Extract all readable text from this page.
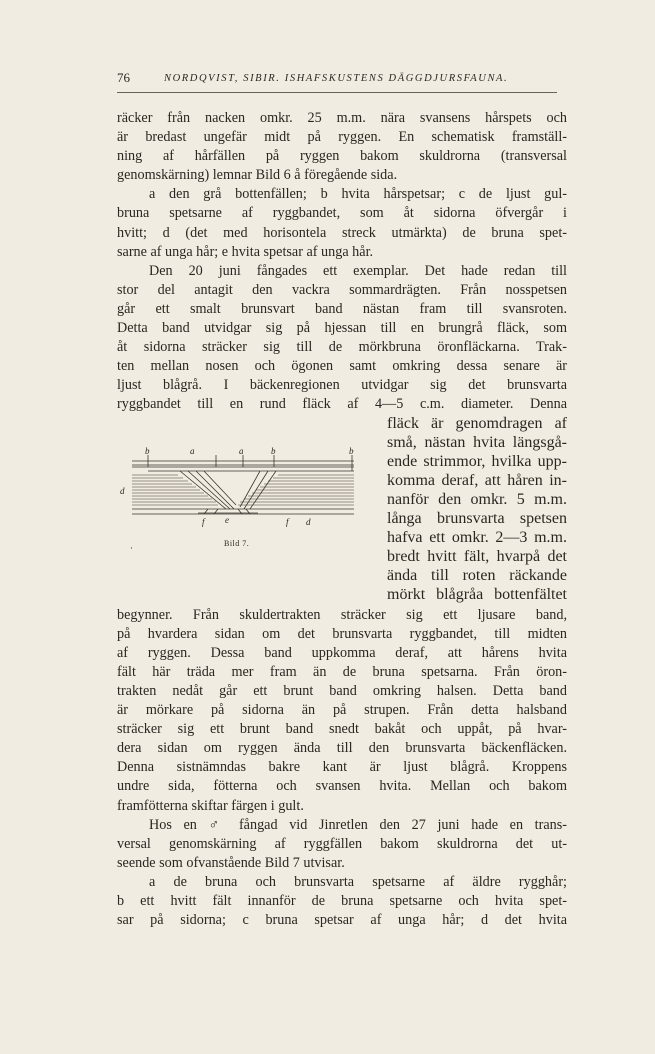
76	NORDQVIST, SIBIR. ISHAFSKUSTENS DÄGGDJURSFAUNA.
räcker från nacken omkr. 25 m.m. nära svansens hårspets och
är bredast ungefär midt på ryggen. En schematisk framställ-
ning af hårfällen på ryggen bakom skuldrorna (transversal
genomskärning) lemnar Bild 6 å föregående sida.
a den grå bottenfällen; b hvita hårspetsar; c de ljust gul-
bruna spetsarne af ryggbandet, som åt sidorna öfvergår i
hvitt; d (det med horisontela streck utmärkta) de bruna spet-
sarne af unga hår; e hvita spetsar af unga hår.
Den 20 juni fångades ett exemplar. Det hade redan till
stor del antagit den vackra sommardrägten. Från nosspetsen
går ett smalt brunsvart band nästan fram till svansroten.
Detta band utvidgar sig på hjessan till en brungrå fläck, som
åt sidorna sträcker sig till de mörkbruna öronfläckarna. Trak-
ten mellan nosen och ögonen samt omkring dessa senare är
ljust blågrå. I bäckenregionen utvidgar sig det brunsvarta
ryggbandet till en rund fläck af 4—5 c.m. diameter. Denna
fläck är genomdragen af
små, nästan hvita längsgå-
ende strimmor, hvilka upp-
komma deraf, att håren in-
nanför den omkr. 5 m.m.
långa brunsvarta spetsen
hafva ett omkr. 2—3 m.m.
bredt hvitt fält, hvarpå det
ända till roten räckande
mörkt blågråa bottenfältet
b	a	a	b	b
d
f e	f d
·	Bild 7.
begynner. Från skuldertrakten sträcker sig ett ljusare band,
på hvardera sidan om det brunsvarta ryggbandet, till midten
af ryggen. Dessa band uppkomma deraf, att hårens hvita
fält här träda mer fram än de bruna spetsarna. Från öron-
trakten nedåt går ett brunt band omkring halsen. Detta band
är mörkare på sidorna än på strupen. Från detta halsband
sträcker sig ett brunt band snedt bakåt och uppåt, på hvar-
dera sidan om ryggen ända till den brunsvarta bäckenfläcken.
Denna sistnämndas bakre kant är ljust blågrå. Kroppens
undre sida, fötterna och svansen hvita. Mellan och bakom
framfötterna skiftar färgen i gult.
Hos en ♂ fångad vid Jinretlen den 27 juni hade en trans-
versal genomskärning af ryggfällen bakom skuldrorna det ut-
seende som ofvanstående Bild 7 utvisar.
a de bruna och brunsvarta spetsarne af äldre rygghår;
b ett hvitt fält innanför de bruna spetsarne och hvita spet-
sar på sidorna; c bruna spetsar af unga hår; d det hvita
